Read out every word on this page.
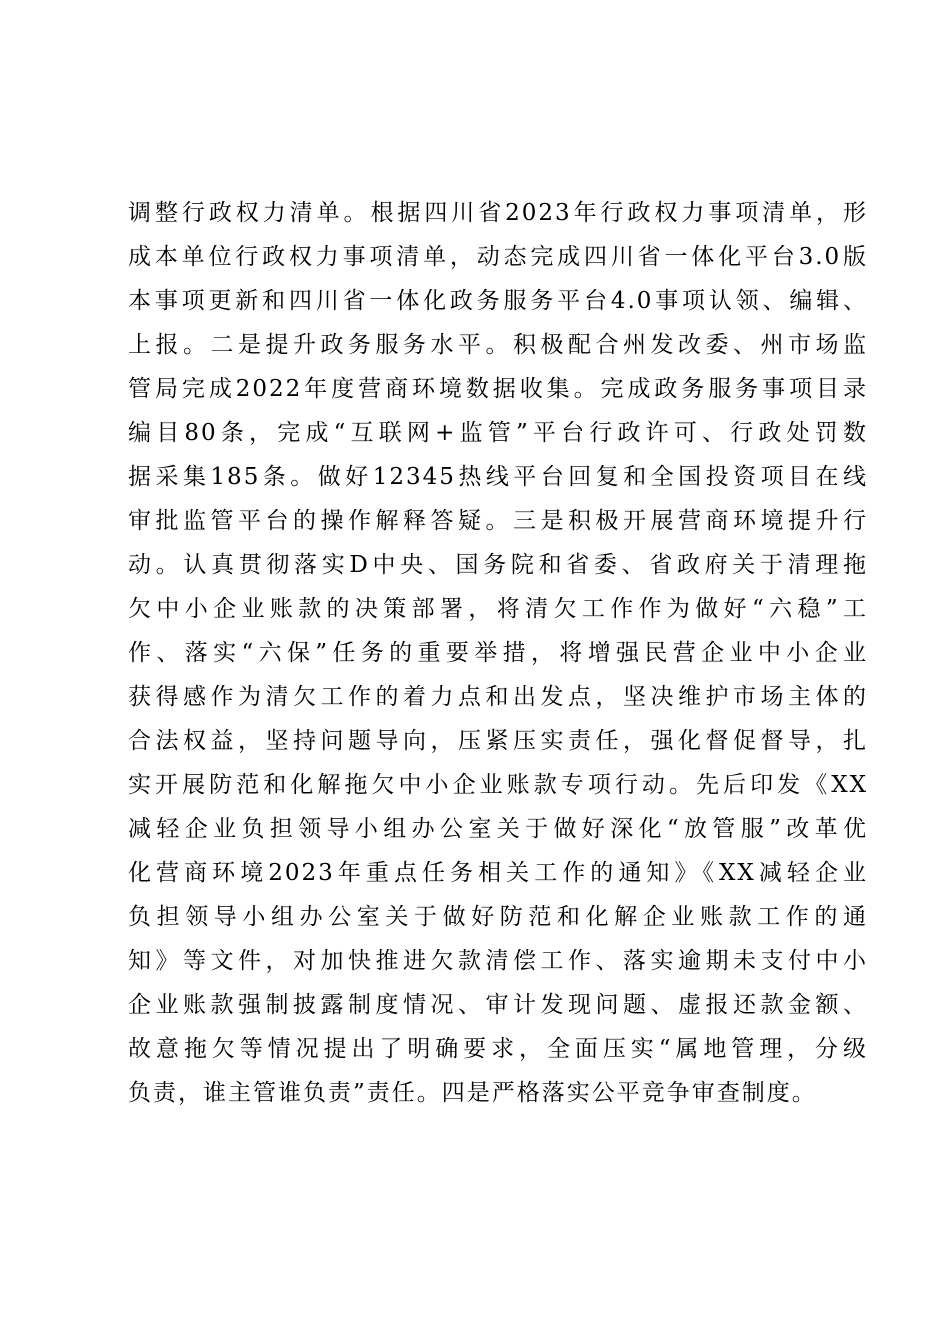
调整行政权力清单。根据四川省2023年行政权力事项清单，形
成本单位行政权力事项清单，动态完成四川省一体化平台3.0版
本事项更新和四川省一体化政务服务平台4.0事项认领、编辑、
上报。二是提升政务服务水平。积极配合州发改委、州市场监
管局完成2022年度营商环境数据收集。完成政务服务事项目录
编目80条，完成“互联网+监管”平台行政许可、行政处罚数
据采集185条。做好12345热线平台回复和全国投资项目在线
审批监管平台的操作解释答疑。三是积极开展营商环境提升行
动。认真贯彻落实D中央、国务院和省委、省政府关于清理拖
欠中小企业账款的决策部署，将清欠工作作为做好“六稳”工
作、落实“六保”任务的重要举措，将增强民营企业中小企业
获得感作为清欠工作的着力点和出发点，坚决维护市场主体的
合法权益，坚持问题导向，压紧压实责任，强化督促督导，扎
实开展防范和化解拖欠中小企业账款专项行动。先后印发《XX
减轻企业负担领导小组办公室关于做好深化“放管服”改革优
化营商环境2023年重点任务相关工作的通知》《XX减轻企业
负担领导小组办公室关于做好防范和化解企业账款工作的通
知》等文件，对加快推进欠款清偿工作、落实逾期未支付中小
企业账款强制披露制度情况、审计发现问题、虚报还款金额、
故意拖欠等情况提出了明确要求，全面压实“属地管理，分级
负责，谁主管谁负责”责任。四是严格落实公平竞争审查制度。
